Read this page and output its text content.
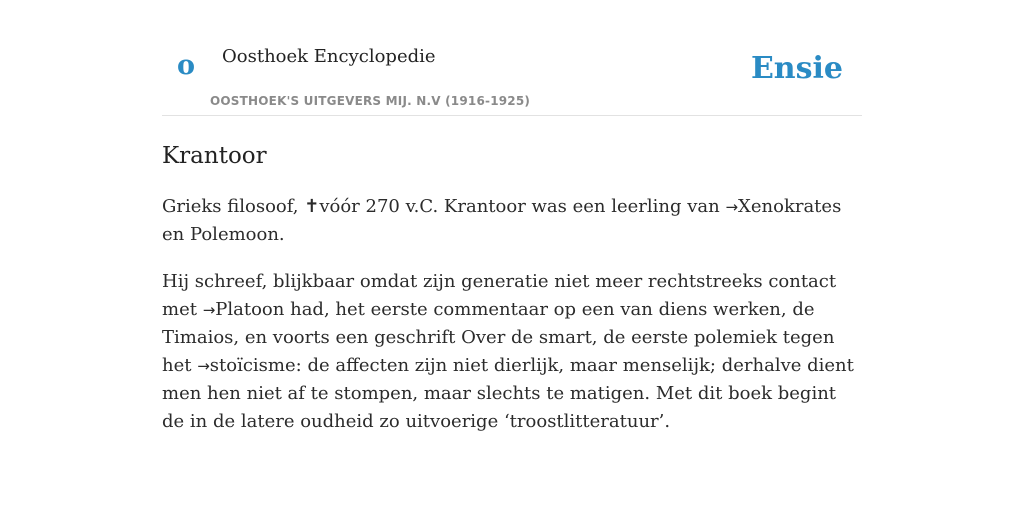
o Oosthoek Encyclopedie
OOSTHOEK'S UITGEVERS MIJ. N.V (1916-1925)
Ensie
Krantoor

Grieks filosoof, ✝vóór 270 v.C. Krantoor was een leerling van →Xenokrates en Polemoon.

Hij schreef, blijkbaar omdat zijn generatie niet meer rechtstreeks contact met →Platoon had, het eerste commentaar op een van diens werken, de Timaios, en voorts een geschrift Over de smart, de eerste polemiek tegen het →stoïcisme: de affecten zijn niet dierlijk, maar menselijk; derhalve dient men hen niet af te stompen, maar slechts te matigen. Met dit boek begint de in de latere oudheid zo uitvoerige ‘troostlitteratuur’.
